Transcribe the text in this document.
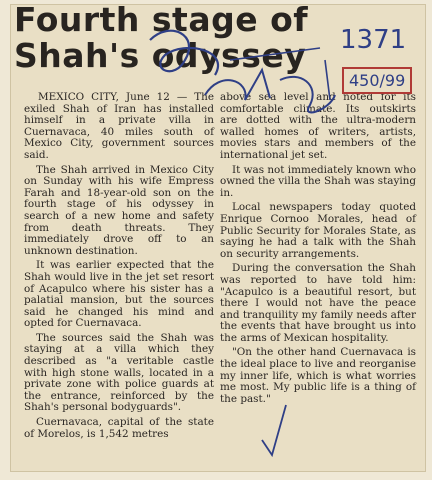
Fourth stage of
Shah's odyssey

MEXICO CITY, June 12 — The exiled Shah of Iran has installed himself in a private villa in Cuernavaca, 40 miles south of Mexico City, government sources said.

The Shah arrived in Mexico City on Sunday with his wife Empress Farah and 18-year-old son on the fourth stage of his odyssey in search of a new home and safety from death threats. They immediately drove off to an unknown destination.

It was earlier expected that the Shah would live in the jet set resort of Acapulco where his sister has a palatial mansion, but the sources said he changed his mind and opted for Cuernavaca.

The sources said the Shah was staying at a villa which they described as "a veritable castle with high stone walls, located in a private zone with police guards at the entrance, reinforced by the Shah's personal bodyguards".

Cuernavaca, capital of the state of Morelos, is 1,542 metres

above sea level and noted for its comfortable climate. Its outskirts are dotted with the ultra-modern walled homes of writers, artists, movies stars and members of the international jet set.

It was not immediately known who owned the villa the Shah was staying in.

Local newspapers today quoted Enrique Cornoo Morales, head of Public Security for Morales State, as saying he had a talk with the Shah on security arrangements.

During the conversation the Shah was reported to have told him: "Acapulco is a beautiful resort, but there I would not have the peace and tranquility my family needs after the events that have brought us into the arms of Mexican hospitality.

"On the other hand Cuernavaca is the ideal place to live and reorganise my inner life, which is what worries me most. My public life is a thing of the past."

1371
450/99
